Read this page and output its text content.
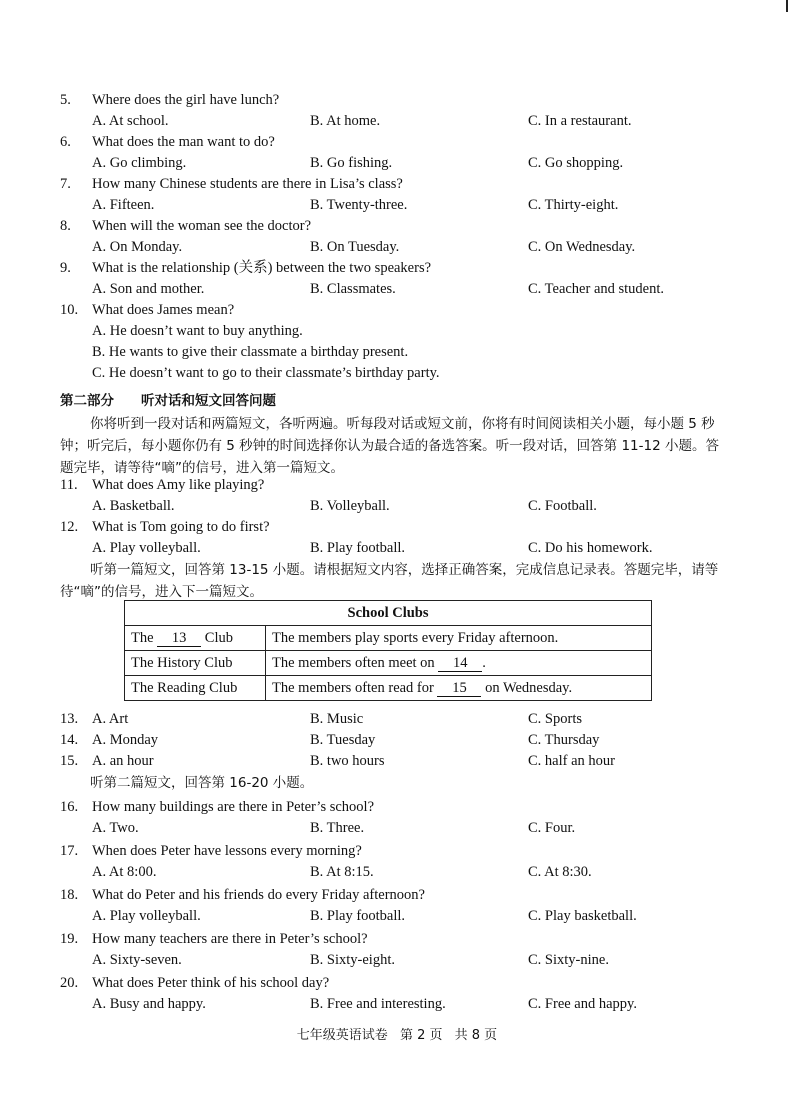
5.	Where does the girl have lunch?
A. At school.	B. At home.	C. In a restaurant.
6.	What does the man want to do?
A. Go climbing.	B. Go fishing.	C. Go shopping.
7.	How many Chinese students are there in Lisa’s class?
A. Fifteen.	B. Twenty-three.	C. Thirty-eight.
8.	When will the woman see the doctor?
A. On Monday.	B. On Tuesday.	C. On Wednesday.
9.	What is the relationship (关系) between the two speakers?
A. Son and mother.	B. Classmates.	C. Teacher and student.
10. What does James mean?
A. He doesn’t want to buy anything.
B. He wants to give their classmate a birthday present.
C. He doesn’t want to go to their classmate’s birthday party.
第二部分　　听对话和短文回答问题
你将听到一段对话和两篇短文，各听两遍。听每段对话或短文前，你将有时间阅读相关小题，每小题 5 秒钟；听完后，每小题你仍有 5 秒钟的时间选择你认为最合适的备选答案。听一段对话，回答第 11-12 小题。答题完毕，请等待“嘀”的信号，进入第一篇短文。
11. What does Amy like playing?
A. Basketball.	B. Volleyball.	C. Football.
12. What is Tom going to do first?
A. Play volleyball.	B. Play football.	C. Do his homework.
听第一篇短文，回答第 13-15 小题。请根据短文内容，选择正确答案，完成信息记录表。答题完毕，请等待“嘀”的信号，进入下一篇短文。
School Clubs	
The 13 Club	The members play sports every Friday afternoon.
The History Club	The members often meet on 14 .
The Reading Club	The members often read for 15 on Wednesday.
13. A. Art	B. Music	C. Sports
14. A. Monday	B. Tuesday	C. Thursday
15. A. an hour	B. two hours	C. half an hour
听第二篇短文，回答第 16-20 小题。
16. How many buildings are there in Peter’s school?
A. Two.	B. Three.	C. Four.
17. When does Peter have lessons every morning?
A. At 8:00.	B. At 8:15.	C. At 8:30.
18. What do Peter and his friends do every Friday afternoon?
A. Play volleyball.	B. Play football.	C. Play basketball.
19. How many teachers are there in Peter’s school?
A. Sixty-seven.	B. Sixty-eight.	C. Sixty-nine.
20. What does Peter think of his school day?
A. Busy and happy.	B. Free and interesting.	C. Free and happy.
七年级英语试卷 第 2 页 共 8 页
